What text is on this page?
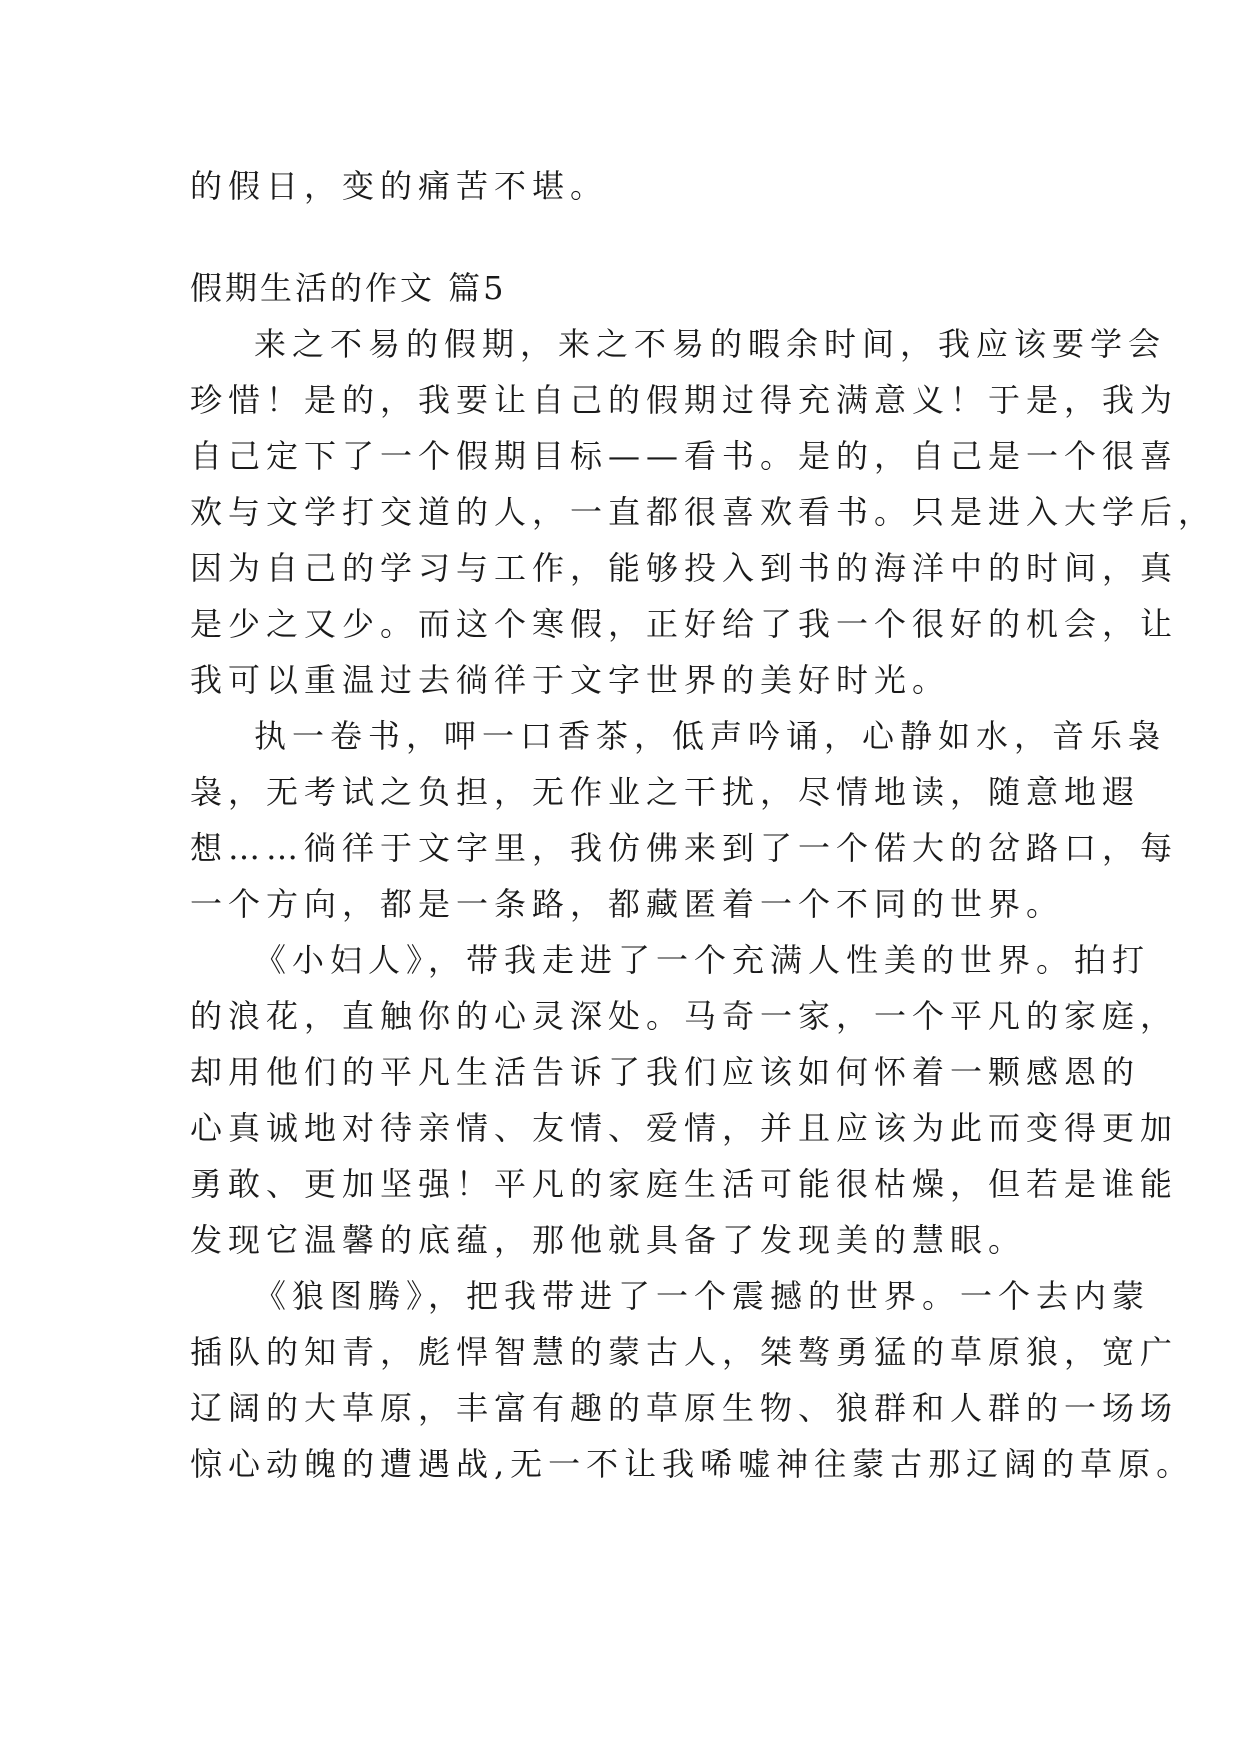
的假日，变的痛苦不堪。
假期生活的作文 篇5
来之不易的假期，来之不易的暇余时间，我应该要学会
珍惜！是的，我要让自己的假期过得充满意义！于是，我为
自己定下了一个假期目标——看书。是的，自己是一个很喜
欢与文学打交道的人，一直都很喜欢看书。只是进入大学后，
因为自己的学习与工作，能够投入到书的海洋中的时间，真
是少之又少。而这个寒假，正好给了我一个很好的机会，让
我可以重温过去徜徉于文字世界的美好时光。
执一卷书，呷一口香茶，低声吟诵，心静如水，音乐袅
袅，无考试之负担，无作业之干扰，尽情地读，随意地遐
想……徜徉于文字里，我仿佛来到了一个偌大的岔路口，每
一个方向，都是一条路，都藏匿着一个不同的世界。
《小妇人》，带我走进了一个充满人性美的世界。拍打
的浪花，直触你的心灵深处。马奇一家，一个平凡的家庭，
却用他们的平凡生活告诉了我们应该如何怀着一颗感恩的
心真诚地对待亲情、友情、爱情，并且应该为此而变得更加
勇敢、更加坚强！平凡的家庭生活可能很枯燥，但若是谁能
发现它温馨的底蕴，那他就具备了发现美的慧眼。
《狼图腾》，把我带进了一个震撼的世界。一个去内蒙
插队的知青，彪悍智慧的蒙古人，桀骜勇猛的草原狼，宽广
辽阔的大草原，丰富有趣的草原生物、狼群和人群的一场场
惊心动魄的遭遇战,无一不让我唏嘘神往蒙古那辽阔的草原。
